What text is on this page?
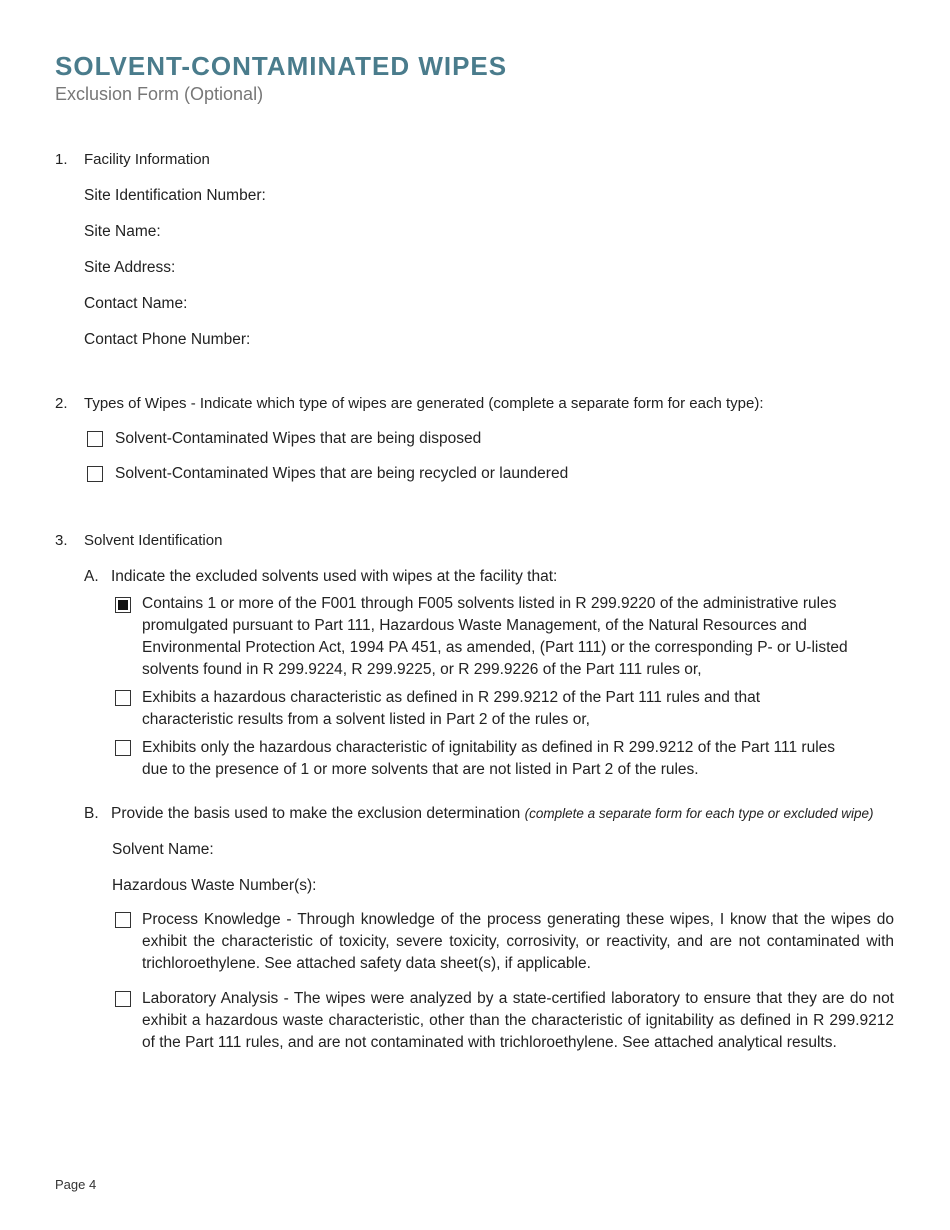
SOLVENT-CONTAMINATED WIPES
Exclusion Form (Optional)
1. Facility Information
Site Identification Number:
Site Name:
Site Address:
Contact Name:
Contact Phone Number:
2. Types of Wipes - Indicate which type of wipes are generated (complete a separate form for each type):
Solvent-Contaminated Wipes that are being disposed
Solvent-Contaminated Wipes that are being recycled or laundered
3. Solvent Identification
A. Indicate the excluded solvents used with wipes at the facility that:
Contains 1 or more of the F001 through F005 solvents listed in R 299.9220 of the administrative rules promulgated pursuant to Part 111, Hazardous Waste Management, of the Natural Resources and Environmental Protection Act, 1994 PA 451, as amended, (Part 111) or the corresponding P- or U-listed solvents found in R 299.9224, R 299.9225, or R 299.9226 of the Part 111 rules or,
Exhibits a hazardous characteristic as defined in R 299.9212 of the Part 111 rules and that characteristic results from a solvent listed in Part 2 of the rules or,
Exhibits only the hazardous characteristic of ignitability as defined in R 299.9212 of the Part 111 rules due to the presence of 1 or more solvents that are not listed in Part 2 of the rules.
B. Provide the basis used to make the exclusion determination (complete a separate form for each type or excluded wipe)
Solvent Name:
Hazardous Waste Number(s):
Process Knowledge - Through knowledge of the process generating these wipes, I know that the wipes do exhibit the characteristic of toxicity, severe toxicity, corrosivity, or reactivity, and are not contaminated with trichloroethylene. See attached safety data sheet(s), if applicable.
Laboratory Analysis - The wipes were analyzed by a state-certified laboratory to ensure that they are do not exhibit a hazardous waste characteristic, other than the characteristic of ignitability as defined in R 299.9212 of the Part 111 rules, and are not contaminated with trichloroethylene. See attached analytical results.
Page 4
